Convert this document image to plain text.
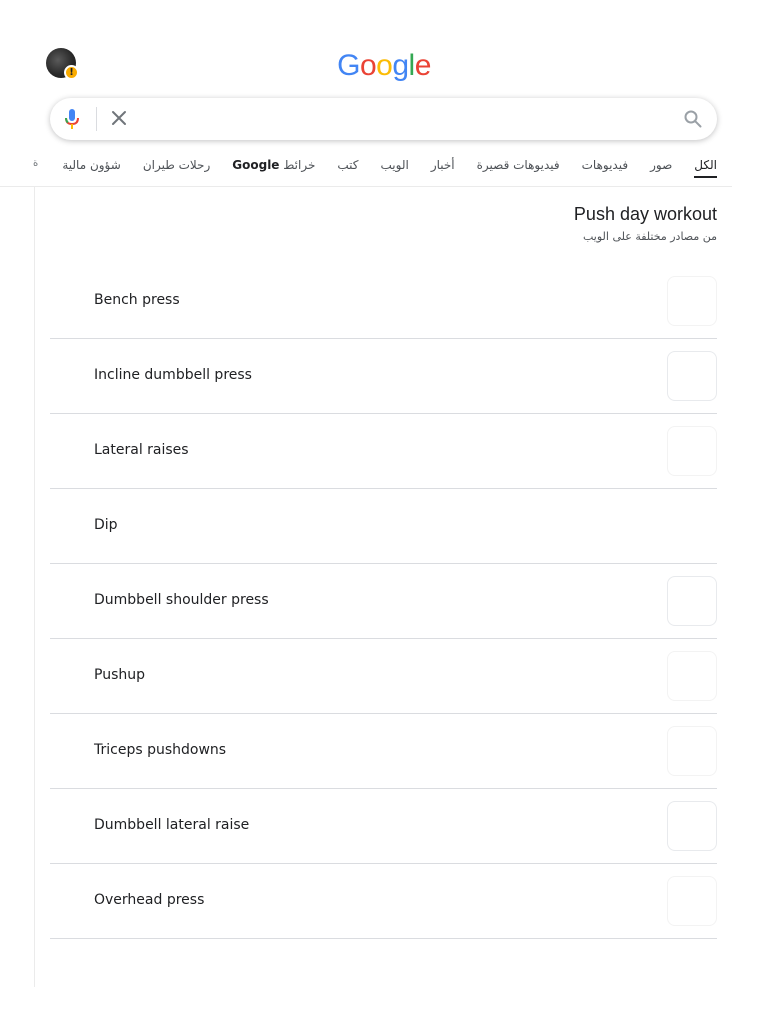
!	Google
الكلصورفيديوهاتفيديوهات قصيرةأخبارالويبكتبخرائط Googleرحلات طيرانشؤون مالية
ة
Push day workout
من مصادر مختلفة على الويب
Bench press
Incline dumbbell press
Lateral raises
Dip
Dumbbell shoulder press
Pushup
Triceps pushdowns
Dumbbell lateral raise
Overhead press
